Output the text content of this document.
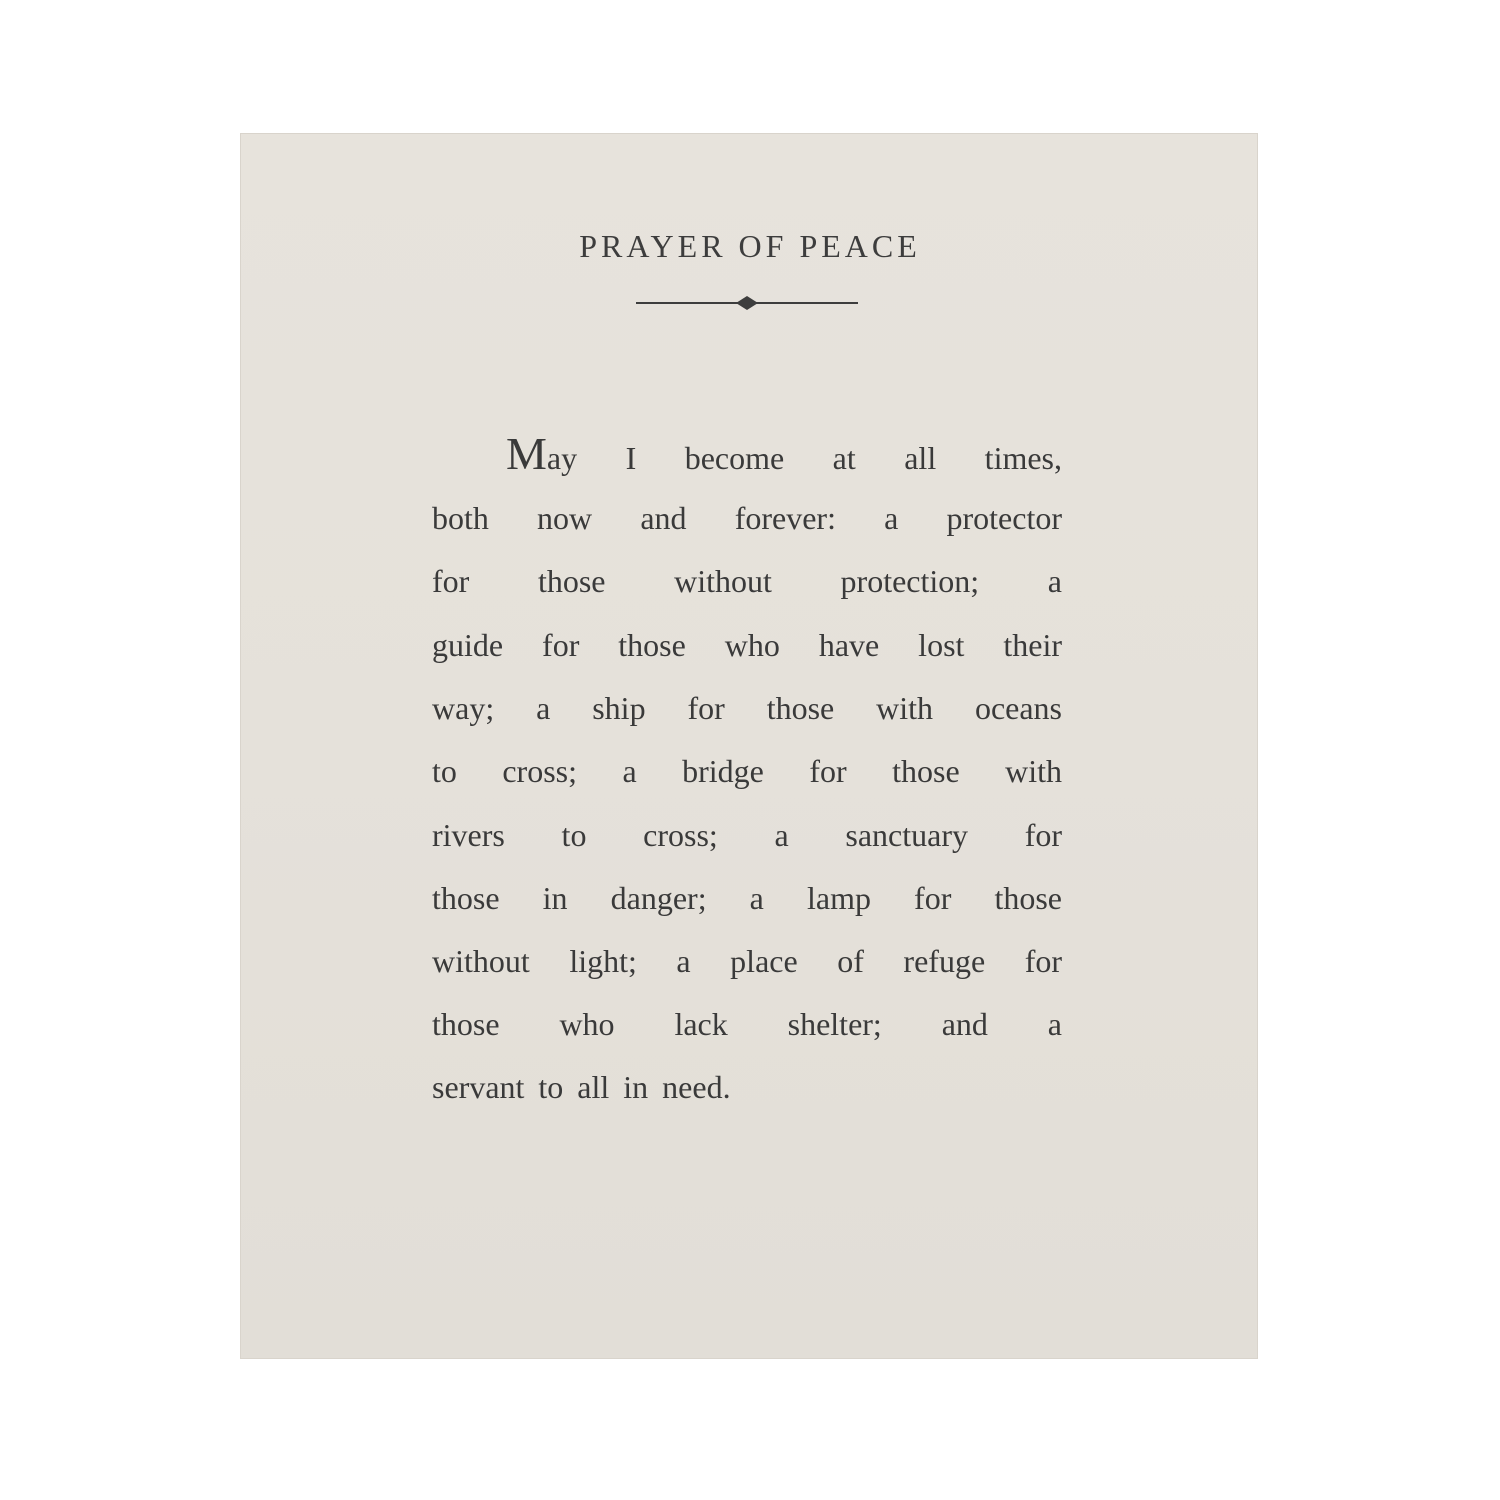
PRAYER OF PEACE
May I become at all times,
both now and forever: a protector
for those without protection; a
guide for those who have lost their
way; a ship for those with oceans
to cross; a bridge for those with
rivers to cross; a sanctuary for
those in danger; a lamp for those
without light; a place of refuge for
those who lack shelter; and a
servant to all in need.
